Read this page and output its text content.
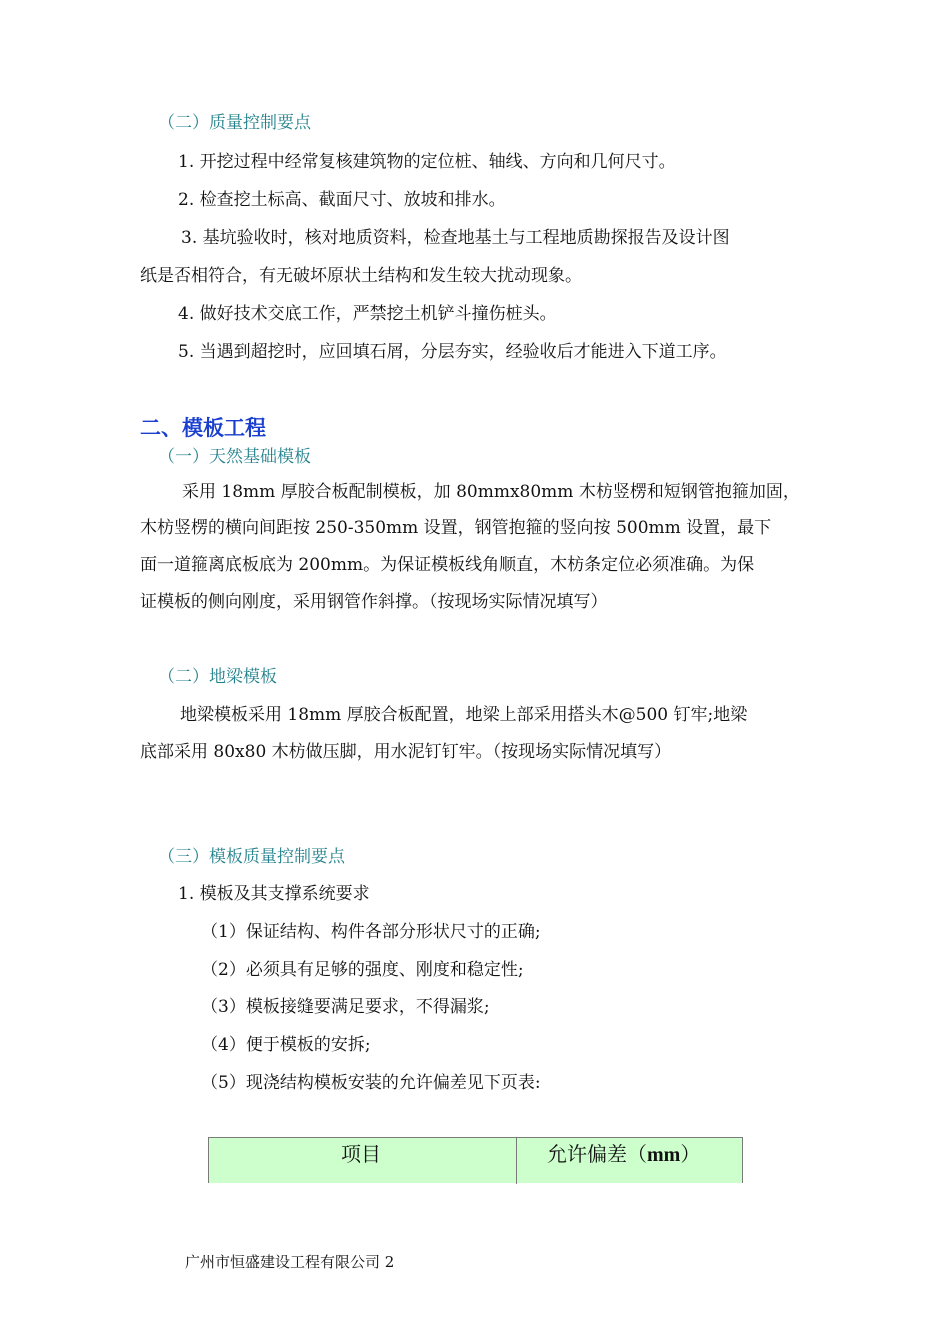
（二）质量控制要点
1. 开挖过程中经常复核建筑物的定位桩、轴线、方向和几何尺寸。
2. 检查挖土标高、截面尺寸、放坡和排水。
3. 基坑验收时，核对地质资料，检查地基土与工程地质勘探报告及设计图
纸是否相符合，有无破坏原状土结构和发生较大扰动现象。
4. 做好技术交底工作，严禁挖土机铲斗撞伤桩头。
5. 当遇到超挖时，应回填石屑，分层夯实，经验收后才能进入下道工序。
二、模板工程
（一）天然基础模板
采用 18mm 厚胶合板配制模板，加 80mmx80mm 木枋竖楞和短钢管抱箍加固，
木枋竖楞的横向间距按 250-350mm 设置，钢管抱箍的竖向按 500mm 设置，最下
面一道箍离底板底为 200mm。为保证模板线角顺直，木枋条定位必须准确。为保
证模板的侧向刚度，采用钢管作斜撑。（按现场实际情况填写）
（二）地梁模板
地梁模板采用 18mm 厚胶合板配置，地梁上部采用搭头木@500 钉牢;地梁
底部采用 80x80 木枋做压脚，用水泥钉钉牢。（按现场实际情况填写）
（三）模板质量控制要点
1. 模板及其支撑系统要求
（1）保证结构、构件各部分形状尺寸的正确;
（2）必须具有足够的强度、刚度和稳定性;
（3）模板接缝要满足要求，不得漏浆;
（4）便于模板的安拆;
（5）现浇结构模板安装的允许偏差见下页表:
项目	允许偏差（mm）
广州市恒盛建设工程有限公司 2
